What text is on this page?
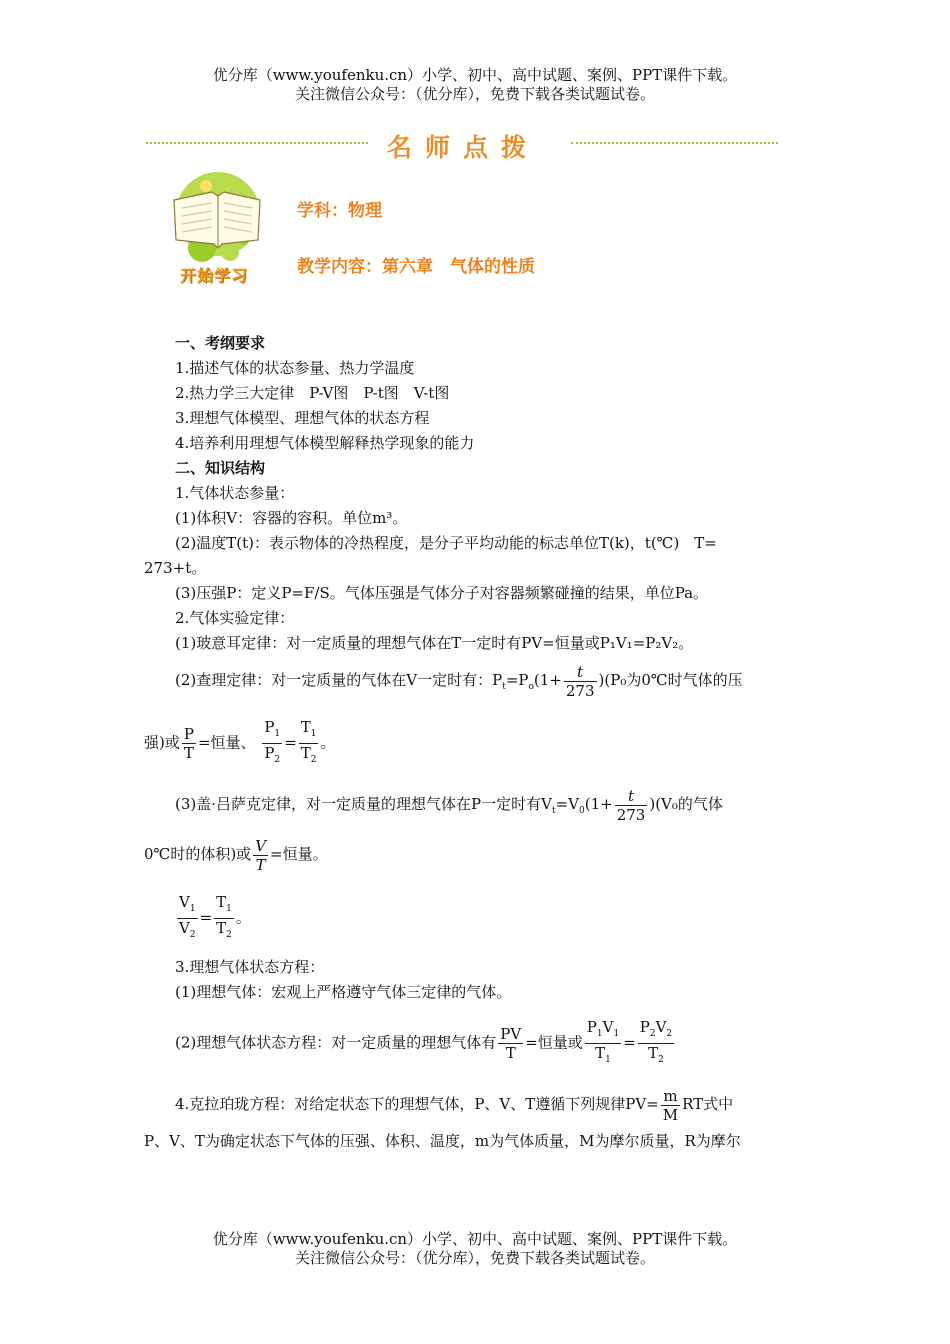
优分库（www.youfenku.cn）小学、初中、高中试题、案例、PPT课件下载。
关注微信公众号：（优分库），免费下载各类试题试卷。
名师点拨
开始学习
学科：物理
教学内容：第六章　气体的性质
一、考纲要求
1.描述气体的状态参量、热力学温度
2.热力学三大定律　P-V图　P-t图　V-t图
3.理想气体模型、理想气体的状态方程
4.培养利用理想气体模型解释热学现象的能力
二、知识结构
1.气体状态参量：
(1)体积V：容器的容积。单位m³。
(2)温度T(t)：表示物体的冷热程度，是分子平均动能的标志单位T(k)，t(℃)　T=
273+t。
(3)压强P：定义P=F/S。气体压强是气体分子对容器频繁碰撞的结果，单位Pa。
2.气体实验定律：
(1)玻意耳定律：对一定质量的理想气体在T一定时有PV=恒量或P₁V₁=P₂V₂。
(2)查理定律：对一定质量的气体在V一定时有：$P_t=P_o(1+ \frac{t}{273} )(P_0$为0℃时气体的压
强)或 $\frac{P}{T}$ =恒量、 $\frac{P_1}{P_2} = \frac{T_1}{T_2}$ 。
(3)盖·吕萨克定律，对一定质量的理想气体在P一定时有$V_t=V_0(1+ \frac{t}{273} )(V_0$的气体
0℃时的体积)或 $\frac{V}{T}$ =恒量。
$\frac{V_1}{V_2} = \frac{T_1}{T_2}$ 。
3.理想气体状态方程：
(1)理想气体：宏观上严格遵守气体三定律的气体。
(2)理想气体状态方程：对一定质量的理想气体有 $\frac{PV}{T}$ =恒量或 $\frac{P_1V_1}{T_1} = \frac{P_2V_2}{T_2}$
4.克拉珀珑方程：对给定状态下的理想气体，P、V、T遵循下列规律$PV= \frac{m}{M}$ RT式中
P、V、T为确定状态下气体的压强、体积、温度，m为气体质量，M为摩尔质量，R为摩尔
优分库（www.youfenku.cn）小学、初中、高中试题、案例、PPT课件下载。
关注微信公众号：（优分库），免费下载各类试题试卷。
